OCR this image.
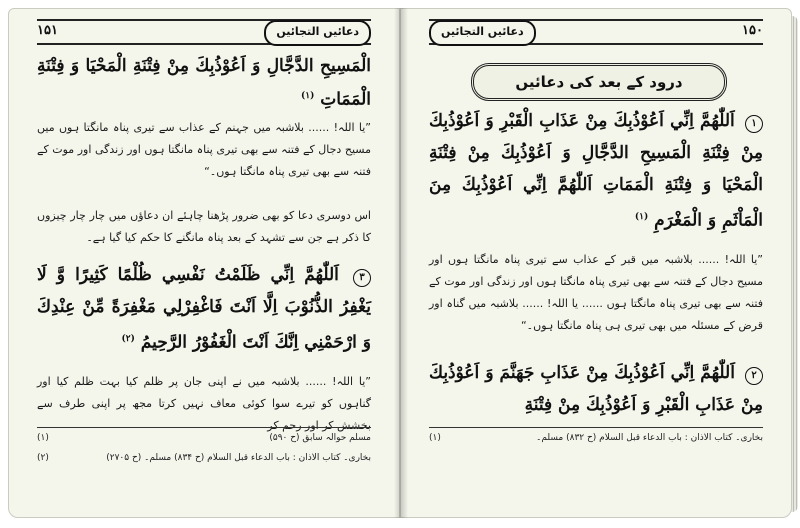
۱۵۱	دعائیں التجائیں
الْمَسِيحِ الدَّجَّالِ وَ اَعُوْذُبِكَ مِنْ فِتْنَةِ الْمَحْيَا وَ فِتْنَةِ الْمَمَاتِ $^{(۱)}$
”یا اللہ! ...... بلاشبہ میں جہنم کے عذاب سے تیری پناہ مانگتا ہوں میں مسیح دجال کے فتنہ سے بھی تیری پناہ مانگتا ہوں اور زندگی اور موت کے فتنہ سے بھی تیری پناہ مانگتا ہوں۔“
اس دوسری دعا کو بھی ضرور پڑھنا چاہئے ان دعاؤں میں چار چار چیزوں کا ذکر ہے جن سے تشہد کے بعد پناہ مانگنے کا حکم کیا گیا ہے۔
۳ اَللّٰهُمَّ اِنِّي ظَلَمْتُ نَفْسِي ظُلْمًا كَثِيرًا وَّ لَا يَغْفِرُ الذُّنُوْبَ اِلَّا اَنْتَ فَاغْفِرْلِي مَغْفِرَةً مِّنْ عِنْدِكَ وَ ارْحَمْنِي اِنَّكَ اَنْتَ الْغَفُوْرُ الرَّحِيمُ $^{(۲)}$
”یا اللہ! ...... بلاشبہ میں نے اپنی جان پر ظلم کیا بہت ظلم کیا اور گناہوں کو تیرے سوا کوئی معاف نہیں کرتا مجھ پر اپنی طرف سے بخشش کر اور رحم کر
(۱)	مسلم حوالہ سابق (ح ۵۹۰)
(۲)	بخاری۔ کتاب الاذان : باب الدعاء قبل السلام (ح ۸۳۴) مسلم۔ (ح ۲۷۰۵)
۱۵۰
دعائیں التجائیں
درود کے بعد کی دعائیں
۱ اَللّٰهُمَّ اِنِّي اَعُوْذُبِكَ مِنْ عَذَابِ الْقَبْرِ وَ اَعُوْذُبِكَ مِنْ فِتْنَةِ الْمَسِيحِ الدَّجَّالِ وَ اَعُوْذُبِكَ مِنْ فِتْنَةِ الْمَحْيَا وَ فِتْنَةِ الْمَمَاتِ اَللّٰهُمَّ اِنِّي اَعُوْذُبِكَ مِنَ الْمَاْثَمِ وَ الْمَغْرَمِ $^{(۱)}$
”یا اللہ! ...... بلاشبہ میں قبر کے عذاب سے تیری پناہ مانگتا ہوں اور مسیح دجال کے فتنہ سے بھی تیری پناہ مانگتا ہوں اور زندگی اور موت کے فتنہ سے بھی تیری پناہ مانگتا ہوں ...... یا اللہ! ...... بلاشبہ میں گناہ اور قرض کے مسئلہ میں بھی تیری ہی پناہ مانگتا ہوں۔“
۲ اَللّٰهُمَّ اِنِّي اَعُوْذُبِكَ مِنْ عَذَابِ جَهَنَّمَ وَ اَعُوْذُبِكَ مِنْ عَذَابِ الْقَبْرِ وَ اَعُوْذُبِكَ مِنْ فِتْنَةِ
(۱)	بخاری۔ کتاب الاذان : باب الدعاء قبل السلام (ح ۸۳۲) مسلم۔
